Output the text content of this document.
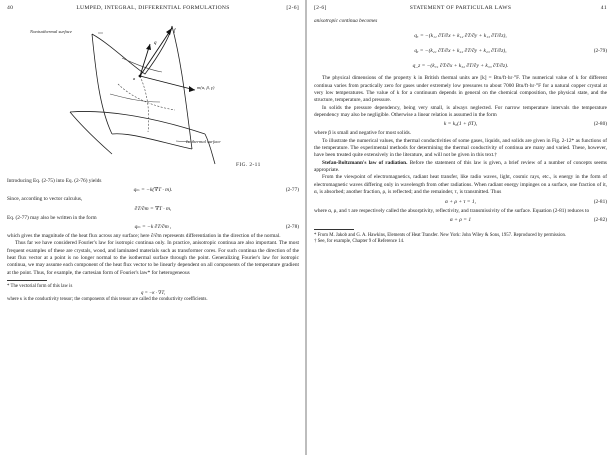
40	LUMPED, INTEGRAL, DIFFERENTIAL FORMULATIONS	[2-6]
q
f
a
Nonisothermal surface
m(a, β, γ)
Isothermal surface
FIG. 2-11

Introducing Eq. (2-75) into Eq. (2-76) yields

qₘ = −k(∇T · m).	(2-77)

Since, according to vector calculus,

∂T/∂m = ∇T · m,

Eq. (2-77) may also be written in the form

qₘ = −k ∂T/∂m ,	(2-78)

which gives the magnitude of the heat flux across any surface; here ∂/∂m represents differentiation in the direction of the normal.

Thus far we have considered Fourier's law for isotropic continua only. In practice, anisotropic continua are also important. The most frequent examples of these are crystals, wood, and laminated materials such as transformer cores. For such continua the direction of the heat flux vector at a point is no longer normal to the isothermal surface through the point. Generalizing Fourier's law for isotropic continua, we may assume each component of the heat flux vector to be linearly dependent on all components of the temperature gradient at the point. Thus, for example, the cartesian form of Fourier's law* for heterogeneous

* The vectorial form of this law is

q = −κ · ∇T,

where κ is the conductivity tensor; the components of this tensor are called the conductivity coefficients.

[2-6]	STATEMENT OF PARTICULAR LAWS	41

anisotropic continua becomes

qₓ = −(k₁₁ ∂T/∂x + k₁₂ ∂T/∂y + k₁₃ ∂T/∂z),
qᵧ = −(k₂₁ ∂T/∂x + k₂₂ ∂T/∂y + k₂₃ ∂T/∂z),
q_z = −(k₃₁ ∂T/∂x + k₃₂ ∂T/∂y + k₃₃ ∂T/∂z).
(2-79)

The physical dimensions of the property k in British thermal units are [k] = Btu/ft·hr·°F. The numerical value of k for different continua varies from practically zero for gases under extremely low pressures to about 7000 Btu/ft·hr·°F for a natural copper crystal at very low temperatures. The value of k for a continuum depends in general on the chemical composition, the physical state, and the structure, temperature, and pressure.

In solids the pressure dependency, being very small, is always neglected. For narrow temperature intervals the temperature dependency may also be negligible. Otherwise a linear relation is assumed in the form

k = k₀(1 + βT),	(2-80)

where β is small and negative for most solids.

To illustrate the numerical values, the thermal conductivities of some gases, liquids, and solids are given in Fig. 2-12* as functions of the temperature. The experimental methods for determining the thermal conductivity of continua are many and varied. These, however, have been treated quite extensively in the literature, and will not be given in this text.†

Stefan-Boltzmann's law of radiation. Before the statement of this law is given, a brief review of a number of concepts seems appropriate.

From the viewpoint of electromagnetics, radiant heat transfer, like radio waves, light, cosmic rays, etc., is energy in the form of electromagnetic waves differing only in wavelength from other radiations. When radiant energy impinges on a surface, one fraction of it, α, is absorbed; another fraction, ρ, is reflected; and the remainder, τ, is transmitted. Thus

α + ρ + τ = 1,	(2-81)

where α, ρ, and τ are respectively called the absorptivity, reflectivity, and transmissivity of the surface. Equation (2-81) reduces to

α + ρ = 1	(2-82)

* From M. Jakob and G. A. Hawkins, Elements of Heat Transfer. New York: John Wiley & Sons, 1957. Reproduced by permission.

† See, for example, Chapter 9 of Reference 14.
